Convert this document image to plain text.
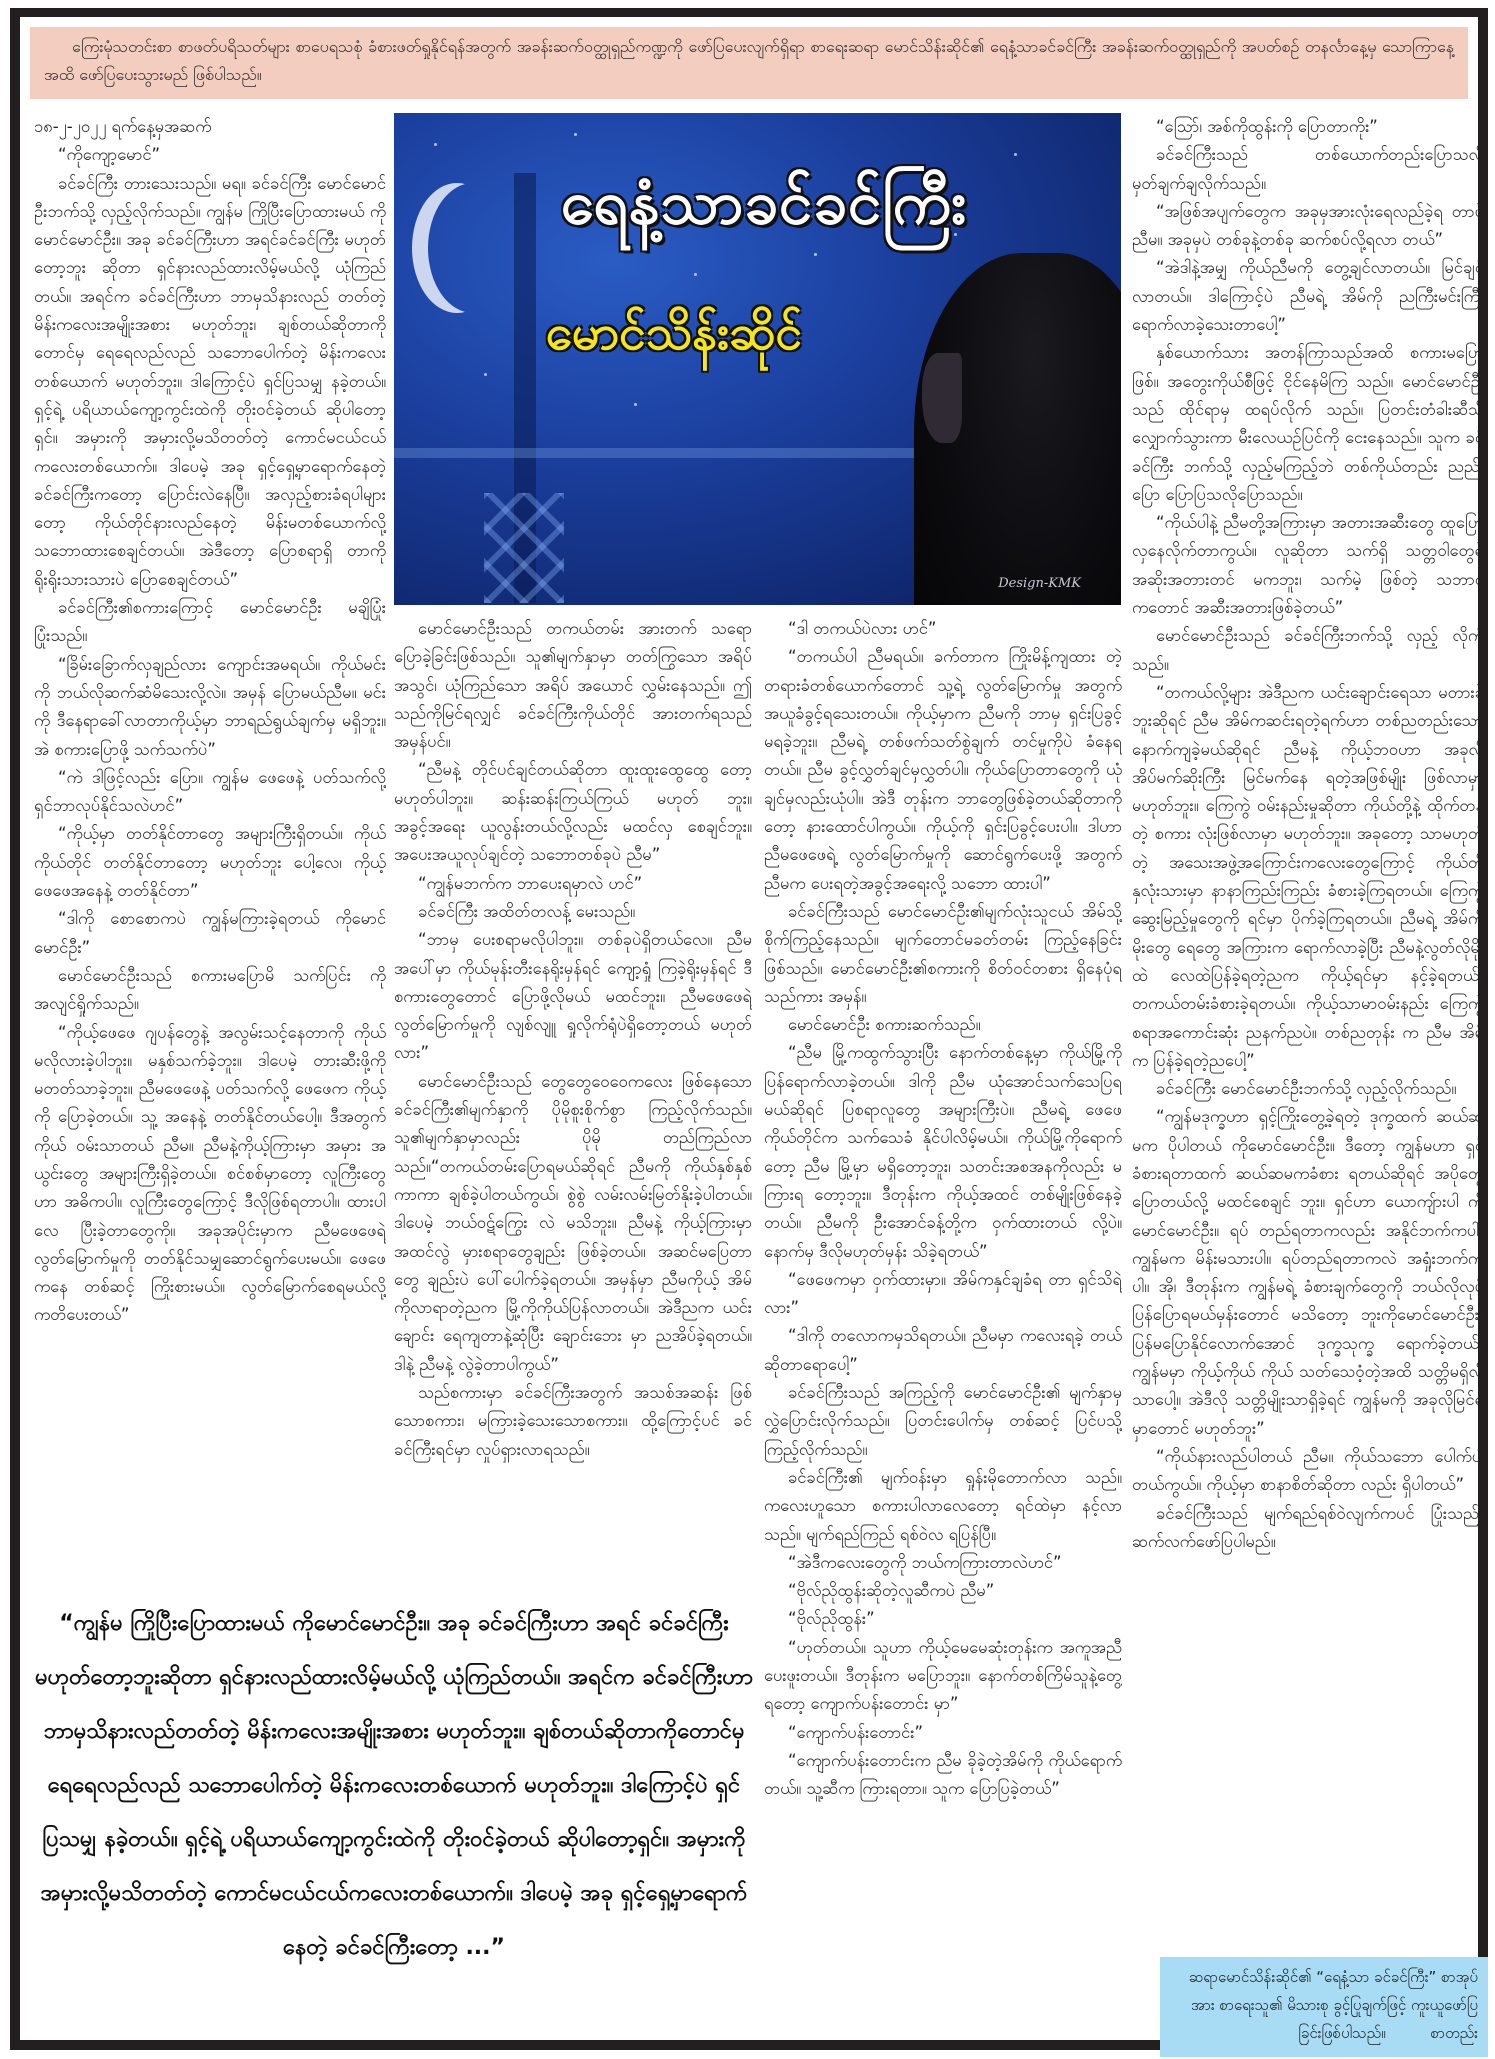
ကြေးမုံသတင်းစာ စာဖတ်ပရိသတ်များ စာပေရသစုံ ခံစားဖတ်ရှုနိုင်ရန်အတွက် အခန်းဆက်ဝတ္ထုရှည်ကဏ္ဍကို ဖော်ပြပေးလျက်ရှိရာ စာရေးဆရာ မောင်သိန်းဆိုင်၏ ရေနံ့သာခင်ခင်ကြီး အခန်းဆက်ဝတ္ထုရှည်ကို အပတ်စဉ် တနင်္လာနေ့မှ သောကြာနေ့အထိ ဖော်ပြပေးသွားမည် ဖြစ်ပါသည်။

၁၈-၂-၂၀၂၂ ရက်နေ့မှအဆက်

“ကိုကျော့မောင်”

ခင်ခင်ကြီး တားသေးသည်။ မရ။ ခင်ခင်ကြီး မောင်မောင်ဦးဘက်သို့ လှည့်လိုက်သည်။ ကျွန်မ ကြိုပြီးပြောထားမယ် ကိုမောင်မောင်ဦး။ အခု ခင်ခင်ကြီးဟာ အရင်ခင်ခင်ကြီး မဟုတ်တော့ဘူး ဆိုတာ ရှင်နားလည်ထားလိမ့်မယ်လို့ ယုံကြည်တယ်။ အရင်က ခင်ခင်ကြီးဟာ ဘာမှသိနားလည် တတ်တဲ့ မိန်းကလေးအမျိုးအစား မဟုတ်ဘူး၊ ချစ်တယ်ဆိုတာကိုတောင်မှ ရေရေလည်လည် သဘောပေါက်တဲ့ မိန်းကလေးတစ်ယောက် မဟုတ်ဘူး။ ဒါကြောင့်ပဲ ရှင်ပြသမျှ နခဲ့တယ်။ ရှင့်ရဲ့ ပရိယာယ်ကျော့ကွင်းထဲကို တိုးဝင်ခဲ့တယ် ဆိုပါတော့ရှင်။ အမှားကို အမှားလို့မသိတတ်တဲ့ ကောင်မငယ်ငယ်ကလေးတစ်ယောက်။ ဒါပေမဲ့ အခု ရှင့်ရှေ့မှာရောက်နေတဲ့ ခင်ခင်ကြီးကတော့ ပြောင်းလဲနေပြီ။ အလှည့်စားခံရပါများတော့ ကိုယ်တိုင်နားလည်နေတဲ့ မိန်းမတစ်ယောက်လို့ သဘောထားစေချင်တယ်။ အဲဒီတော့ ပြောစရာရှိ တာကို ရိုးရိုးသားသားပဲ ပြောစေချင်တယ်”

ခင်ခင်ကြီး၏စကားကြောင့် မောင်မောင်ဦး မချိပြုံး ပြုံးသည်။

“ခြိမ်းခြောက်လှချည်လား ကျောင်းအမရယ်။ ကိုယ်မင်းကို ဘယ်လိုဆက်ဆံမိသေးလို့လဲ။ အမှန် ပြောမယ်ညီမ။ မင်းကို ဒီနေရာခေါ်လာတာကိုယ့်မှာ ဘာရည်ရွယ်ချက်မှ မရှိဘူး။ အဲ စကားပြောဖို့ သက်သက်ပဲ”

“ကဲ ဒါဖြင့်လည်း ပြော။ ကျွန်မ ဖေဖေနဲ့ ပတ်သက်လို့ ရှင်ဘာလုပ်နိုင်သလဲဟင်”

“ကိုယ့်မှာ တတ်နိုင်တာတွေ အများကြီးရှိတယ်။ ကိုယ်ကိုယ်တိုင် တတ်နိုင်တာတော့ မဟုတ်ဘူး ပေါ့လေ၊ ကိုယ့်ဖေဖေအနေနဲ့ တတ်နိုင်တာ”

“ဒါကို စောစောကပဲ ကျွန်မကြားခဲ့ရတယ် ကိုမောင်မောင်ဦး”

မောင်မောင်ဦးသည် စကားမပြောမိ သက်ပြင်း ကို အလျင်ရှိုက်သည်။

“ကိုယ့်ဖေဖေ ဂျပန်တွေနဲ့ အလွမ်းသင့်နေတာကို ကိုယ် မလိုလားခဲ့ပါဘူး။ မနှစ်သက်ခဲ့ဘူး။ ဒါပေမဲ့ တားဆီးဖို့ကို မတတ်သာခဲ့ဘူး။ ညီမဖေဖေနဲ့ ပတ်သက်လို့ ဖေဖေက ကိုယ့်ကို ပြောခဲ့တယ်။ သူ့ အနေနဲ့ တတ်နိုင်တယ်ပေါ့။ ဒီအတွက် ကိုယ် ဝမ်းသာတယ် ညီမ။ ညီမနဲ့ကိုယ့်ကြားမှာ အမှား အယွင်းတွေ အများကြီးရှိခဲ့တယ်။ စင်စစ်မှာတော့ လူကြီးတွေဟာ အဓိကပါ။ လူကြီးတွေကြောင့် ဒီလိုဖြစ်ရတာပါ။ ထားပါလေ ပြီးခဲ့တာတွေကို။ အခုအပိုင်းမှာက ညီမဖေဖေရဲ့ လွတ်မြောက်မှုကို တတ်နိုင်သမျှဆောင်ရွက်ပေးမယ်။ ဖေဖေကနေ တစ်ဆင့် ကြိုးစားမယ်။ လွတ်မြောက်စေရမယ်လို့ ကတိပေးတယ်”

ရေနံ့သာခင်ခင်ကြီး
မောင်သိန်းဆိုင်
Design-KMK

မောင်မောင်ဦးသည် တကယ်တမ်း အားတက် သရော ပြောခဲ့ခြင်းဖြစ်သည်။ သူ၏မျက်နှာမှာ တတ်ကြွသော အရိပ်အသွင်၊ ယုံကြည်သော အရိပ် အယောင် လွှမ်းနေသည်။ ဤသည်ကိုမြင်ရလျှင် ခင်ခင်ကြီးကိုယ်တိုင် အားတက်ရသည် အမှန်ပင်။

“ညီမနဲ့ တိုင်ပင်ချင်တယ်ဆိုတာ ထူးထူးထွေထွေ တော့ မဟုတ်ပါဘူး။ ဆန်းဆန်းကြယ်ကြယ် မဟုတ် ဘူး။ အခွင့်အရေး ယူလွန်းတယ်လို့လည်း မထင်လှ စေချင်ဘူး။ အပေးအယူလုပ်ချင်တဲ့ သဘောတစ်ခုပဲ ညီမ”

“ကျွန်မဘက်က ဘာပေးရမှာလဲ ဟင်”

ခင်ခင်ကြီး အထိတ်တလန့် မေးသည်။

“ဘာမှ ပေးစရာမလိုပါဘူး။ တစ်ခုပဲရှိတယ်လေ။ ညီမအပေါ်မှာ ကိုယ်မုန်းတီးနေရိုးမှန်ရင် ကျော့ရှုံ ကြခဲ့ရိုးမှန်ရင် ဒီစကားတွေတောင် ပြောဖို့လိုမယ် မထင်ဘူး။ ညီမဖေဖေရဲ့ လွတ်မြောက်မှုကို လျစ်လျူ ရှုလိုက်ရုံပဲရှိတော့တယ် မဟုတ်လား”

မောင်မောင်ဦးသည် တွေတွေဝေဝေကလေး ဖြစ်နေသော ခင်ခင်ကြီး၏မျက်နှာကို ပိုမိုစူးစိုက်စွာ ကြည့်လိုက်သည်။ သူ၏မျက်နှာမှာလည်း ပိုမို တည်ကြည်လာသည်။“တကယ်တမ်းပြောရမယ်ဆိုရင် ညီမကို ကိုယ်နှစ်နှစ်ကာကာ ချစ်ခဲ့ပါတယ်ကွယ်၊ စွဲစွဲ လမ်းလမ်းမြတ်နိုးခဲ့ပါတယ်။ ဒါပေမဲ့ ဘယ်ဝဋ်ကြွေး လဲ မသိဘူး။ ညီမနဲ့ ကိုယ့်ကြားမှာ အထင်လွဲ မှားစရာတွေချည်း ဖြစ်ခဲ့တယ်။ အဆင်မပြေတာတွေ ချည်းပဲ ပေါ်ပေါက်ခဲ့ရတယ်။ အမှန်မှာ ညီမကိုယ့် အိမ်ကိုလာရာတဲ့ညက မြို့ကိုကိုယ်ပြန်လာတယ်။ အဲဒီညက ယင်းချောင်း ရေကျတာနဲ့ဆုံပြီး ချောင်းဘေး မှာ ညအိပ်ခဲ့ရတယ်။ ဒါနဲ့ ညီမနဲ့ လွဲခဲ့တာပါကွယ်”

သည်စကားမှာ ခင်ခင်ကြီးအတွက် အသစ်အဆန်း ဖြစ်သောစကား၊ မကြားခဲ့သေးသောစကား။ ထို့ကြောင့်ပင် ခင်ခင်ကြီးရင်မှာ လှုပ်ရှားလာရသည်။

“ဒါ တကယ်ပဲလား ဟင်”

“တကယ်ပါ ညီမရယ်။ ခက်တာက ကြိုးမိန့်ကျထား တဲ့ တရားခံတစ်ယောက်တောင် သူ့ရဲ့ လွတ်မြောက်မှု အတွက် အယူခံခွင့်ရသေးတယ်။ ကိုယ့်မှာက ညီမကို ဘာမှ ရှင်းပြခွင့် မရခဲ့ဘူး။ ညီမရဲ့ တစ်ဖက်သတ်စွဲချက် တင်မှုကိုပဲ ခံနေရတယ်။ ညီမ ခွင့်လွှတ်ချင်မှလွှတ်ပါ။ ကိုယ်ပြောတာတွေကို ယုံချင်မှလည်းယုံပါ။ အဲဒီ တုန်းက ဘာတွေဖြစ်ခဲ့တယ်ဆိုတာကိုတော့ နားထောင်ပါကွယ်။ ကိုယ့်ကို ရှင်းပြခွင့်ပေးပါ။ ဒါဟာ ညီမဖေဖေရဲ့ လွတ်မြောက်မှုကို ဆောင်ရွက်ပေးဖို့ အတွက် ညီမက ပေးရတဲ့အခွင့်အရေးလို့ သဘော ထားပါ”

ခင်ခင်ကြီးသည် မောင်မောင်ဦး၏မျက်လုံးသူငယ် အိမ်သို့ စိုက်ကြည့်နေသည်။ မျက်တောင်မခတ်တမ်း ကြည့်နေခြင်းဖြစ်သည်။ မောင်မောင်ဦး၏စကားကို စိတ်ဝင်တစား ရှိနေပုံရသည်ကား အမှန်။

မောင်မောင်ဦး စကားဆက်သည်။

“ညီမ မြို့ကထွက်သွားပြီး နောက်တစ်နေ့မှာ ကိုယ်မြို့ကို ပြန်ရောက်လာခဲ့တယ်။ ဒါကို ညီမ ယုံအောင်သက်သေပြရမယ်ဆိုရင် ပြစရာလူတွေ အများကြီးပဲ။ ညီမရဲ့ ဖေဖေကိုယ်တိုင်က သက်သေခံ နိုင်ပါလိမ့်မယ်။ ကိုယ်မြို့ကိုရောက်တော့ ညီမ မြို့မှာ မရှိတော့ဘူး၊ သတင်းအစအနကိုလည်း မကြားရ တော့ဘူး။ ဒီတုန်းက ကိုယ့်အထင် တစ်မျိုးဖြစ်နေခဲ့ တယ်။ ညီမကို ဦးအောင်ခန့်တို့က ဝှက်ထားတယ် လို့ပဲ။ နောက်မှ ဒီလိုမဟုတ်မှန်း သိခဲ့ရတယ်”

“ဖေဖေကမှာ ဝှက်ထားမှာ။ အိမ်ကနှင်ချခံရ တာ ရှင်သိရဲ့လား”

“ဒါကို တလောကမှသိရတယ်။ ညီမမှာ ကလေးရခဲ့ တယ်ဆိုတာရောပေါ့”

ခင်ခင်ကြီးသည် အကြည့်ကို မောင်မောင်ဦး၏ မျက်နှာမှ လွှဲပြောင်းလိုက်သည်။ ပြတင်းပေါက်မှ တစ်ဆင့် ပြင်ပသို့ ကြည့်လိုက်သည်။

ခင်ခင်ကြီး၏ မျက်ဝန်းမှာ ရှုန်းမိုတောက်လာ သည်။ ကလေးဟူသော စကားပါလာလေတော့ ရင်ထဲမှာ နင့်လာသည်။ မျက်ရည်ကြည် ရစ်ဝဲလ ရပြန်ပြီ။

“အဲဒီကလေးတွေကို ဘယ်ကကြားတာလဲဟင်”

“ဗိုလ်ညိုထွန်းဆိုတဲ့လူဆီကပဲ ညီမ”

“ဗိုလ်ညိုထွန်း”

“ဟုတ်တယ်။ သူဟာ ကိုယ့်မေမေဆုံးတုန်းက အကူအညီ ပေးဖူးတယ်။ ဒီတုန်းက မပြောဘူး။ နောက်တစ်ကြိမ်သူနဲ့တွေ့ရတော့ ကျောက်ပန်းတောင်း မှာ”

“ကျောက်ပန်းတောင်း”

“ကျောက်ပန်းတောင်းက ညီမ ခိုခဲ့တဲ့အိမ်ကို ကိုယ်ရောက်တယ်။ သူ့ဆီက ကြားရတာ။ သူက ပြောပြခဲ့တယ်”

“ဩော်၊ အစ်ကိုထွန်းကို ပြောတာကိုး”

ခင်ခင်ကြီးသည် တစ်ယောက်တည်းပြောသလို မှတ်ချက်ချလိုက်သည်။

“အဖြစ်အပျက်တွေက အခုမှအားလုံးရေလည်ခဲ့ရ တာပဲညီမ။ အခုမှပဲ တစ်ခုနဲ့တစ်ခု ဆက်စပ်လို့ရလာ တယ်”

“အဲဒါနဲ့အမျှ ကိုယ်ညီမကို တွေ့ချင်လာတယ်။ မြင်ချင်လာတယ်။ ဒါကြောင့်ပဲ ညီမရဲ့ အိမ်ကို ညကြီးမင်းကြီးရောက်လာခဲ့သေးတာပေါ့”

နှစ်ယောက်သား အတန်ကြာသည်အထိ စကားမပြောဖြစ်။ အတွေးကိုယ်စီဖြင့် ငိုင်နေမိကြ သည်။ မောင်မောင်ဦးသည် ထိုင်ရာမှ ထရပ်လိုက် သည်။ ပြတင်းတံခါးဆီသို့ လျှောက်သွားကာ မီးလေယဉ်ပြင်ကို ငေးနေသည်။ သူက ခင်ခင်ကြီး ဘက်သို့ လှည့်မကြည့်ဘဲ တစ်ကိုယ်တည်း ညည်း ပြော ပြောပြသလိုပြောသည်။

“ကိုယ်ပါနဲ့ ညီမတို့အကြားမှာ အတားအဆီးတွေ ထူပြောလှနေလိုက်တာကွယ်။ လူဆိုတာ သက်ရှိ သတ္တဝါတွေရဲ့ အဆိုးအတားတင် မကဘူး၊ သက်မဲ့ ဖြစ်တဲ့ သဘာဝကတောင် အဆီးအတားဖြစ်ခဲ့တယ်”

မောင်မောင်ဦးသည် ခင်ခင်ကြီးဘက်သို့ လှည့် လိုက်သည်။

“တကယ်လို့များ အဲဒီညက ယင်းချောင်းရေသာ မတားခဲ့ဘူးဆိုရင် ညီမ အိမ်ကဆင်းရတဲ့ရက်ဟာ တစ်ညတည်းသော နောက်ကျခဲ့မယ်ဆိုရင် ညီမနဲ့ ကိုယ့်ဘဝဟာ အခုလို အိပ်မက်ဆိုးကြီး မြင်မက်နေ ရတဲ့အဖြစ်မျိုး ဖြစ်လာမှာမဟုတ်ဘူး။ ကြေကွဲ ဝမ်းနည်းမှုဆိုတာ ကိုယ်တို့နဲ့ ထိုက်တန်တဲ့ စကား လုံးဖြစ်လာမှာ မဟုတ်ဘူး။ အခုတော့ သာမဟုတ် တဲ့ အသေးအဖွဲ့အကြောင်းကလေးတွေကြောင့် ကိုယ်တို့ နှလုံးသားမှာ နာနာကြည်းကြည်း ခံစားခဲ့ကြရတယ်။ ကြေကွဲဆွေးမြည့်မှုတွေကို ရင်မှာ ပိုက်ခဲ့ကြရတယ်။ ညီမရဲ့ အိမ်ကို မိုးတွေ ရေတွေ အကြားက ရောက်လာခဲ့ပြီး ညီမနဲ့လွတ်လိုမိုးထဲ လေထဲပြန်ခဲ့ရတဲ့ညက ကိုယ့်ရင်မှာ နင့်ခဲ့ရတယ်။ တကယ်တမ်းခံစားခဲ့ရတယ်။ ကိုယ့်သာမာဝမ်းနည်း ကြေကွဲ စရာအကောင်းဆုံး ညနက်ညပဲ။ တစ်ညတုန်း က ညီမ အိမ်က ပြန်ခဲ့ရတဲ့ညပေါ့”

ခင်ခင်ကြီး မောင်မောင်ဦးဘက်သို့ လှည့်လိုက်သည်။

“ကျွန်မဒုက္ခဟာ ရှင့်ကြိုးတွေ့ခဲ့ရတဲ့ ဒုက္ခထက် ဆယ်ဆမက ပိုပါတယ် ကိုမောင်မောင်ဦး။ ဒီတော့ ကျွန်မဟာ ရှင့်ခံစားရတာထက် ဆယ်ဆမကခံစား ရတယ်ဆိုရင် အပိုတွေပြောတယ်လို့ မထင်စေချင် ဘူး။ ရှင်ဟာ ယောကျ်ားပါ ကိုမောင်မောင်ဦး။ ရပ် တည်ရတာကလည်း အနိုင်ဘက်ကပါ။ ကျွန်မက မိန်းမသားပါ။ ရပ်တည်ရတာကလဲ အရှုံးဘက်က ပါ။ အို၊ ဒီတုန်းက ကျွန်မရဲ့ ခံစားချက်တွေကို ဘယ်လိုလုပ် ပြန်ပြောရမယ်မှန်းတောင် မသိတော့ ဘူးကိုမောင်မောင်ဦး။ ပြန်မပြောနိုင်လောက်အောင် ဒုက္ခသုက္ခ ရောက်ခဲ့တယ်။ ကျွန်မမှာ ကိုယ့်ကိုယ် ကိုယ် သတ်သေဝံ့တဲ့အထိ သတ္တိမရှိလို့သာပေါ့။ အဲဒီလို သတ္တိမျိုးသာရှိခဲ့ရင် ကျွန်မကို အခုလိုမြင်ရ မှာတောင် မဟုတ်ဘူး”

“ကိုယ်နားလည်ပါတယ် ညီမ။ ကိုယ်သဘော ပေါက်ပါတယ်ကွယ်။ ကိုယ့်မှာ စာနာစိတ်ဆိုတာ လည်း ရှိပါတယ်”

ခင်ခင်ကြီးသည် မျက်ရည်ရစ်ဝဲလျက်ကပင် ပြုံးသည်။ ဆက်လက်ဖော်ပြပါမည်။

“ကျွန်မ ကြိုပြီးပြောထားမယ် ကိုမောင်မောင်ဦး။ အခု ခင်ခင်ကြီးဟာ အရင် ခင်ခင်ကြီး မဟုတ်တော့ဘူးဆိုတာ ရှင်နားလည်ထားလိမ့်မယ်လို့ ယုံကြည်တယ်။ အရင်က ခင်ခင်ကြီးဟာ ဘာမှသိနားလည်တတ်တဲ့ မိန်းကလေးအမျိုးအစား မဟုတ်ဘူး။ ချစ်တယ်ဆိုတာကိုတောင်မှ ရေရေလည်လည် သဘောပေါက်တဲ့ မိန်းကလေးတစ်ယောက် မဟုတ်ဘူး။ ဒါကြောင့်ပဲ ရှင်ပြသမျှ နခဲ့တယ်။ ရှင့်ရဲ့ ပရိယာယ်ကျော့ကွင်းထဲကို တိုးဝင်ခဲ့တယ် ဆိုပါတော့ရှင်။ အမှားကို အမှားလို့မသိတတ်တဲ့ ကောင်မငယ်ငယ်ကလေးတစ်ယောက်။ ဒါပေမဲ့ အခု ရှင့်ရှေ့မှာရောက်နေတဲ့ ခင်ခင်ကြီးတော့ ...”
ဆရာမောင်သိန်းဆိုင်၏ “ရေနံ့သာ ခင်ခင်ကြီး” စာအုပ်အား စာရေးသူ၏ မိသားစု ခွင့်ပြုချက်ဖြင့် ကူးယူဖော်ပြခြင်းဖြစ်ပါသည်။	စာတည်း
